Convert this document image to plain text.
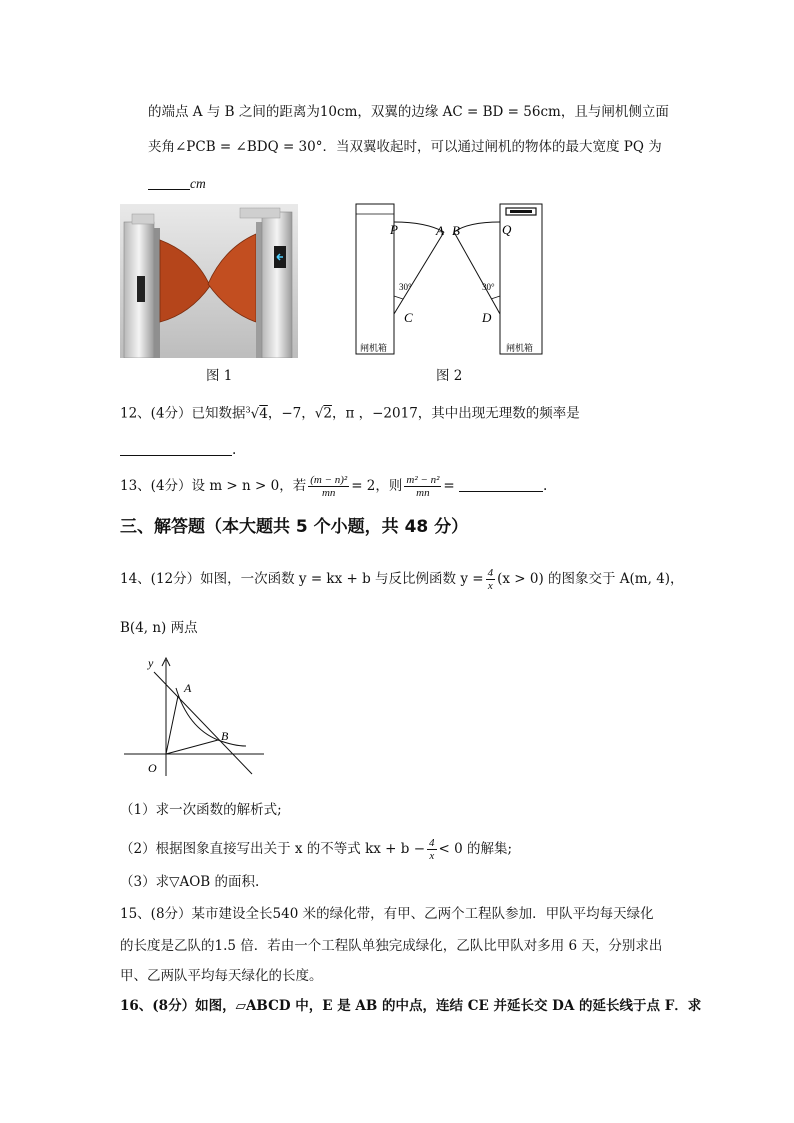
的端点 A 与 B 之间的距离为10cm，双翼的边缘 AC = BD = 56cm，且与闸机侧立面
夹角∠PCB = ∠BDQ = 30°．当双翼收起时，可以通过闸机的物体的最大宽度 PQ 为
cm
图 1
P	A B	Q
C	D
30°	30°
闸机箱	闸机箱
图 2
12、(4分）已知数据$^3$√4，−7，√2，π ，−2017，其中出现无理数的频率是
.
13、(4分）设 m > n > 0，若 $\frac{\text{(m − n)²}}{mn} = 2$，则 $\frac{\text{m² − n²}}{mn}$ =	.
三、解答题（本大题共 5 个小题，共 48 分）
14、(12分）如图，一次函数 y = kx + b 与反比例函数 $y = \frac{4}{x} (x > 0)$ 的图象交于 A(m, 4)，
B(4, n) 两点
y
A
B
O
（1）求一次函数的解析式;
（2）根据图象直接写出关于 x 的不等式 kx + $b - \frac{4}{x} < 0$ 的解集;
（3）求▽AOB 的面积.
15、(8分）某市建设全长540 米的绿化带，有甲、乙两个工程队参加．甲队平均每天绿化
的长度是乙队的1.5 倍．若由一个工程队单独完成绿化，乙队比甲队对多用 6 天，分别求出
甲、乙两队平均每天绿化的长度。
16、(8分）如图，▱ABCD 中，E 是 AB 的中点，连结 CE 并延长交 DA 的延长线于点 F．求
